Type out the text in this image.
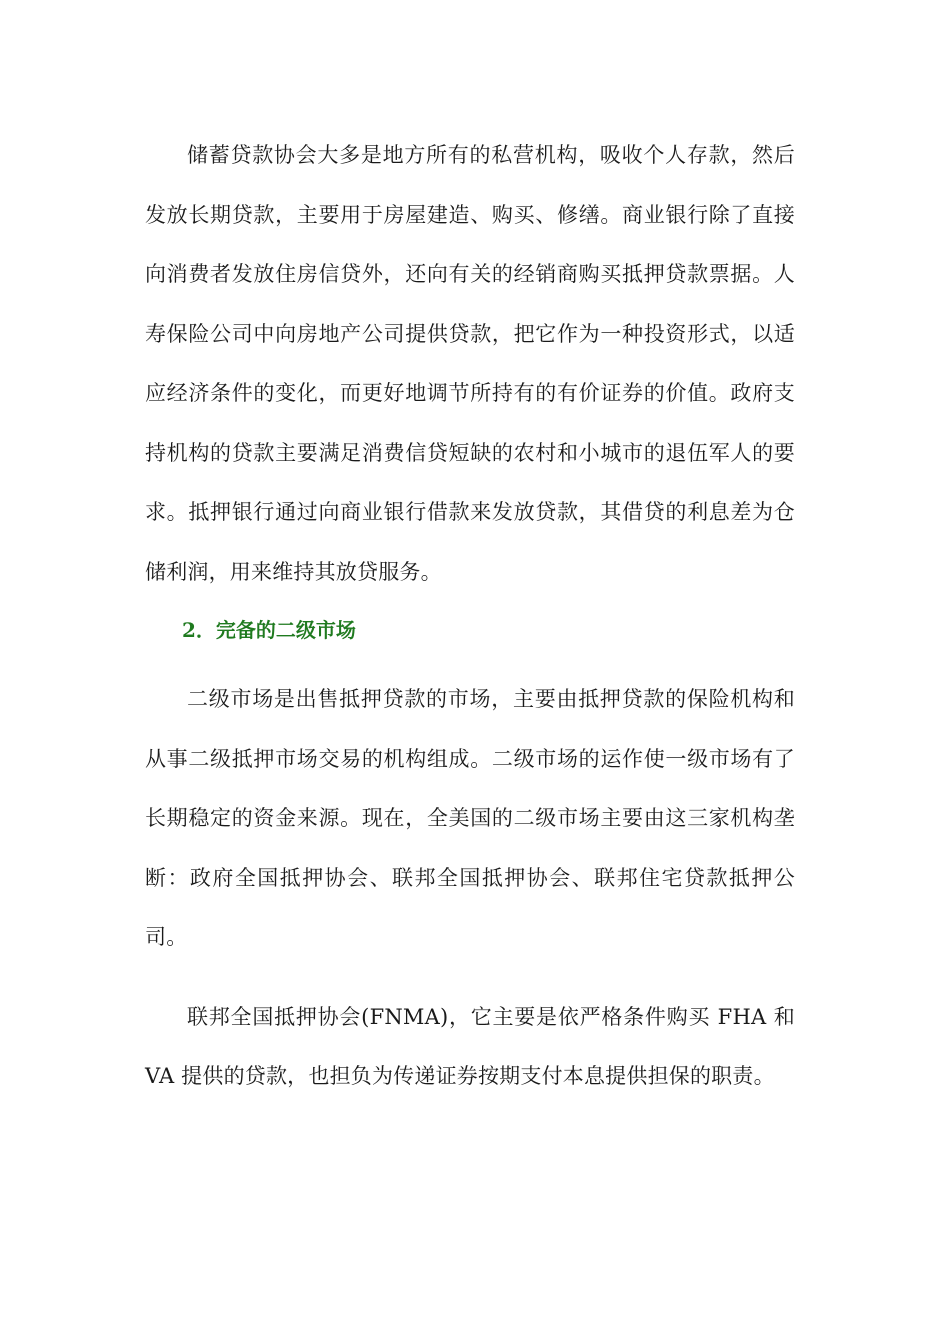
储蓄贷款协会大多是地方所有的私营机构，吸收个人存款，然后发放长期贷款，主要用于房屋建造、购买、修缮。商业银行除了直接向消费者发放住房信贷外，还向有关的经销商购买抵押贷款票据。人寿保险公司中向房地产公司提供贷款，把它作为一种投资形式，以适应经济条件的变化，而更好地调节所持有的有价证券的价值。政府支持机构的贷款主要满足消费信贷短缺的农村和小城市的退伍军人的要求。抵押银行通过向商业银行借款来发放贷款，其借贷的利息差为仓储利润，用来维持其放贷服务。

2．完备的二级市场

二级市场是出售抵押贷款的市场，主要由抵押贷款的保险机构和从事二级抵押市场交易的机构组成。二级市场的运作使一级市场有了长期稳定的资金来源。现在，全美国的二级市场主要由这三家机构垄断：政府全国抵押协会、联邦全国抵押协会、联邦住宅贷款抵押公司。

联邦全国抵押协会(FNMA)，它主要是依严格条件购买 FHA 和 VA 提供的贷款，也担负为传递证券按期支付本息提供担保的职责。
